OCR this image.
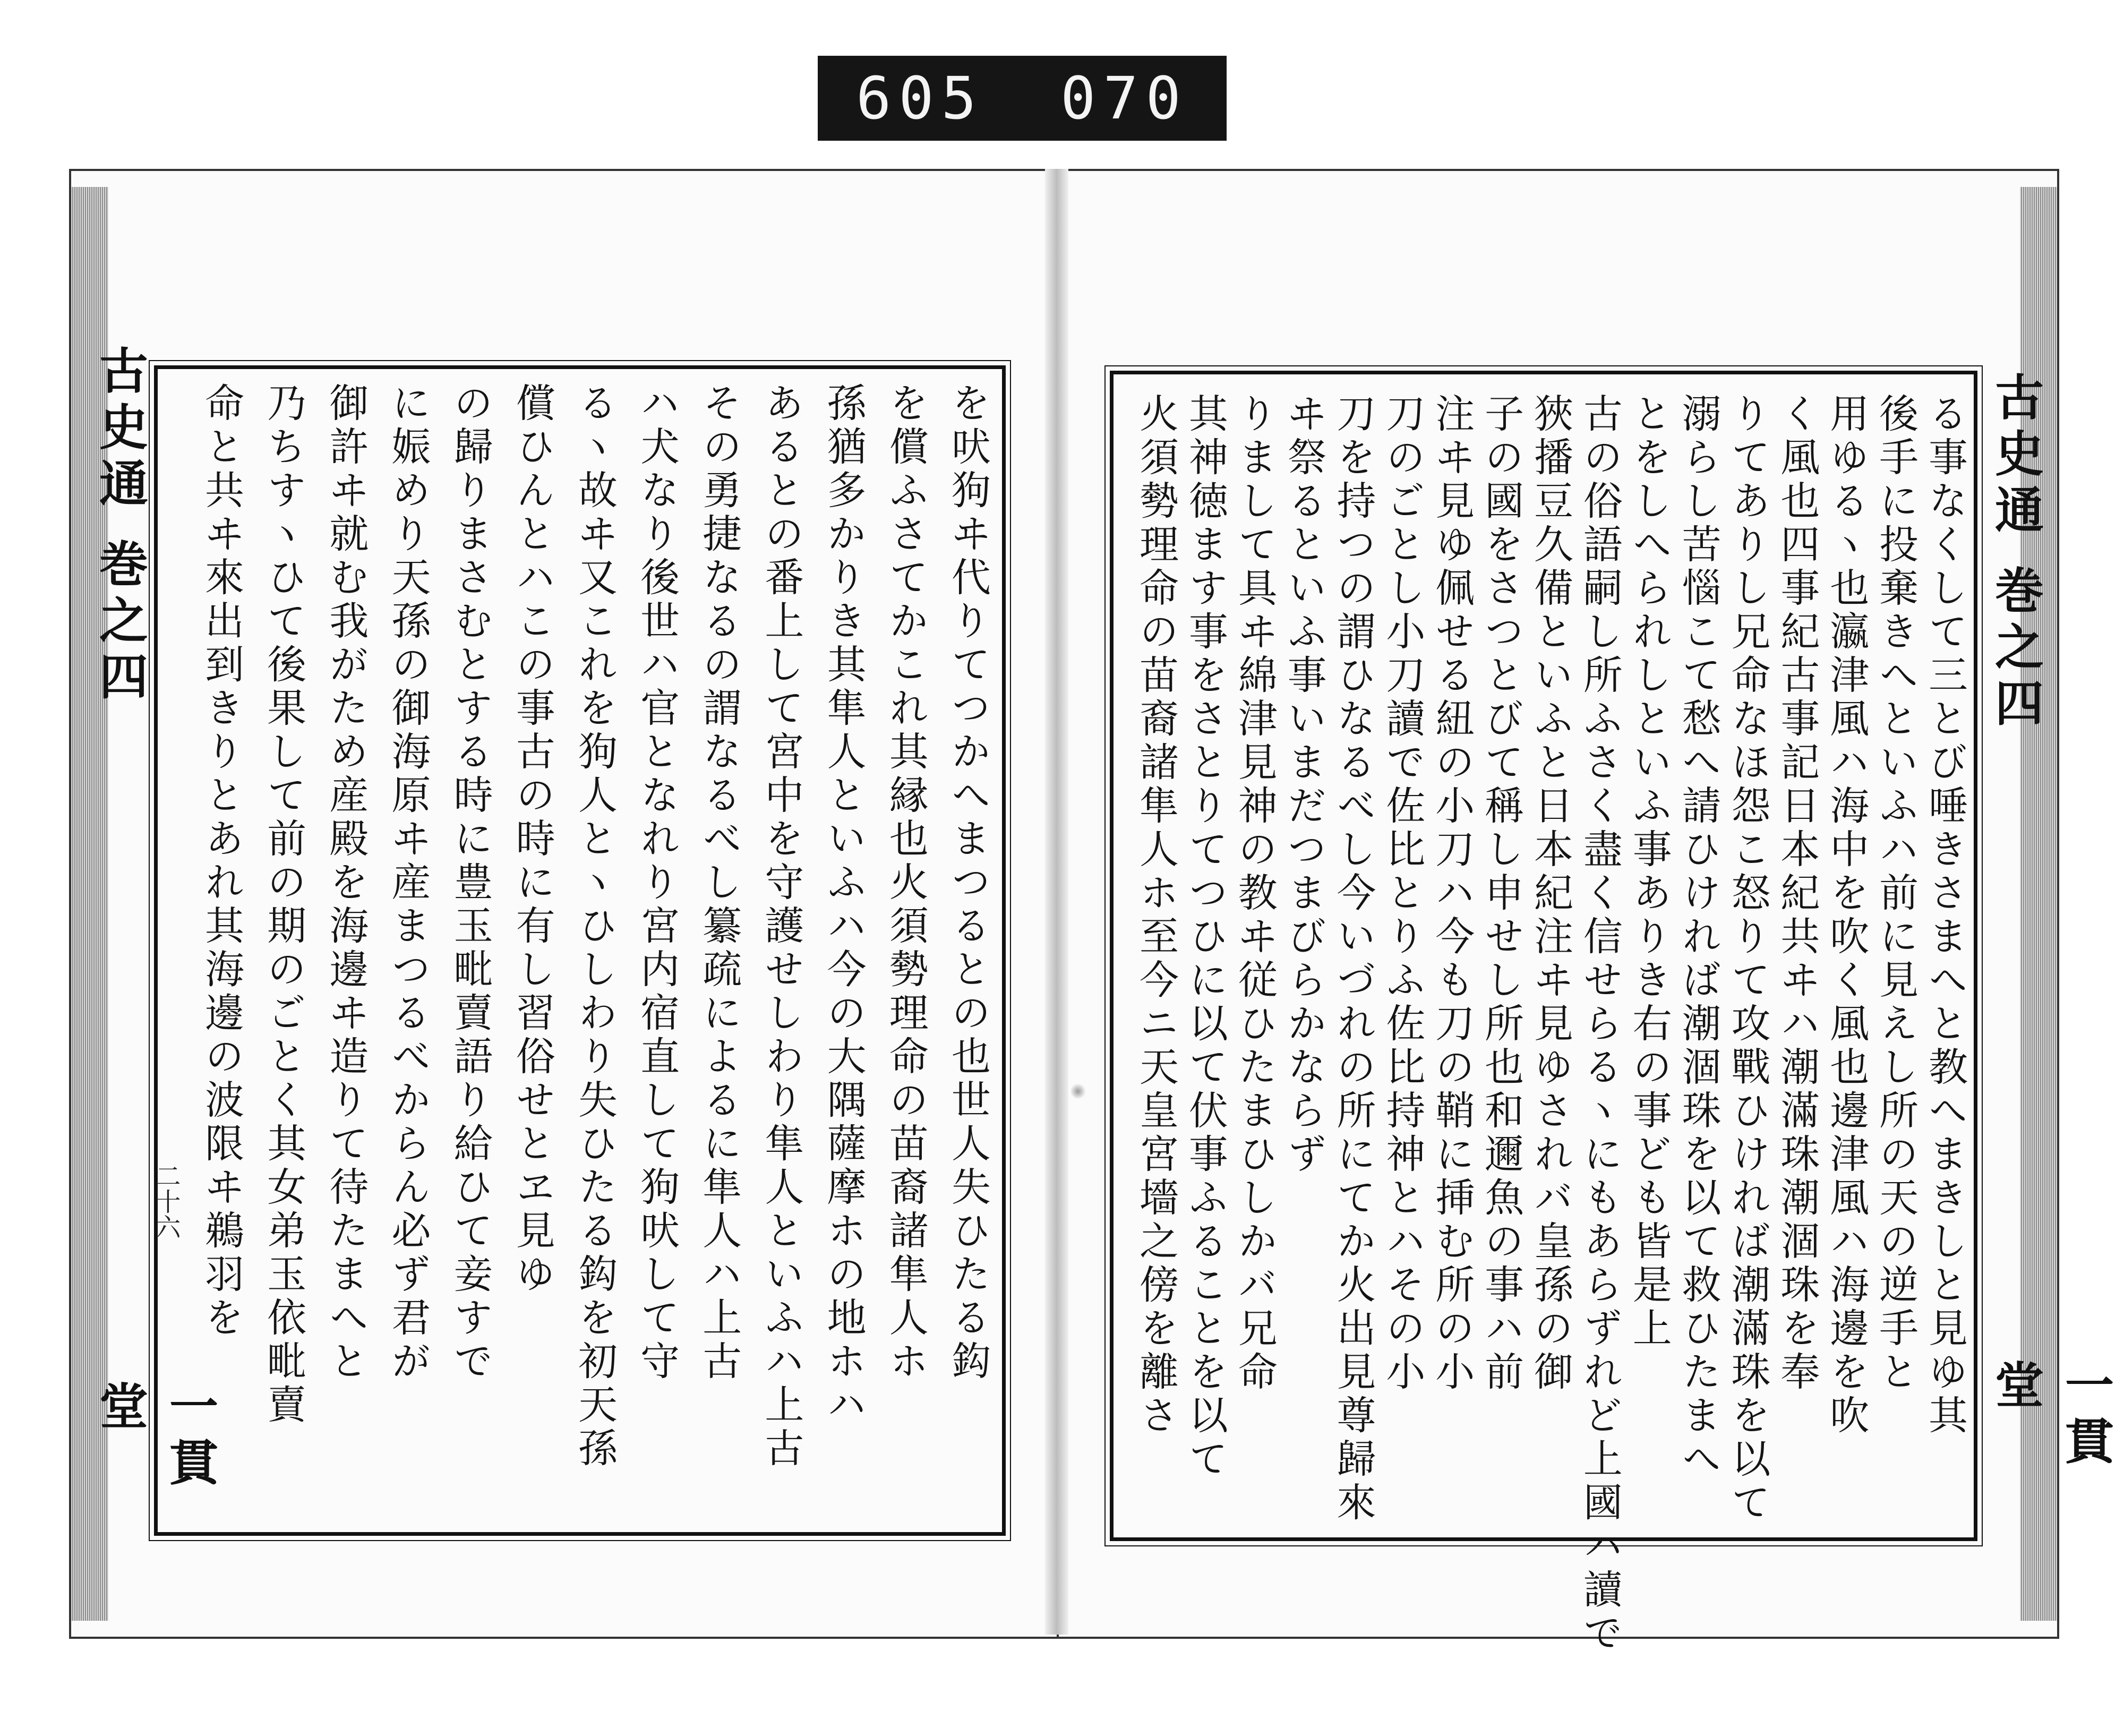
605 070
古史通 巻之四
一貫堂
二十六	を吠狗ヰ代りてつかへまつるとの也世人失ひたる鈎
を償ふさてかこれ其縁也火須勢理命の苗裔諸隼人ホ
孫猶多かりき其隼人といふハ今の大隅薩摩ホの地ホハ
あるとの番上して宮中を守護せしわり隼人といふハ上古
その勇捷なるの謂なるべし纂疏によるに隼人ハ上古
ハ犬なり後世ハ官となれり宮内宿直して狗吠して守
るヽ故ヰ又これを狗人とヽひしわり失ひたる鈎を初天孫
償ひんとハこの事古の時に有し習俗せとヱ見ゆ
の歸りまさむとする時に豊玉毗賣語り給ひて妾すで
に娠めり天孫の御海原ヰ産まつるべからん必ず君が
御許ヰ就む我がため産殿を海邊ヰ造りて待たまへと
乃ちすヽひて後果して前の期のごとく其女弟玉依毗賣
命と共ヰ來出到きりとあれ其海邊の波限ヰ鵜羽を	古史通 巻之四
一貫堂
る事なくして三とび唾きさまへと教へまきしと見ゆ其
後手に投棄きへといふハ前に見えし所の天の逆手と
用ゆるヽ也瀛津風ハ海中を吹く風也邊津風ハ海邊を吹
く風也四事紀古事記日本紀共ヰハ潮滿珠潮涸珠を奉
りてありし兄命なほ怨こ怒りて攻戰ひければ潮滿珠を以て
溺らし苦惱こて愁へ請ひければ潮涸珠を以て救ひたまへ
とをしへられしといふ事ありき右の事ども皆是上
古の俗語嗣し所ふさく盡く信せらるヽにもあらずれど上國ハ讀で
狹播豆久備といふと日本紀注ヰ見ゆされバ皇孫の御
子の國をさつとびて稱し申せし所也和邇魚の事ハ前
注ヰ見ゆ佩せる紐の小刀ハ今も刀の鞘に挿む所の小
刀のごとし小刀讀で佐比とりふ佐比持神とハその小
刀を持つの謂ひなるべし今いづれの所にてか火出見尊歸來
ヰ祭るといふ事いまだつまびらかならず
りまして具ヰ綿津見神の教ヰ従ひたまひしかバ兄命
其神徳ます事をさとりてつひに以て伏事ふることを以て
火須勢理命の苗裔諸隼人ホ至今ニ天皇宮墻之傍を離さ
